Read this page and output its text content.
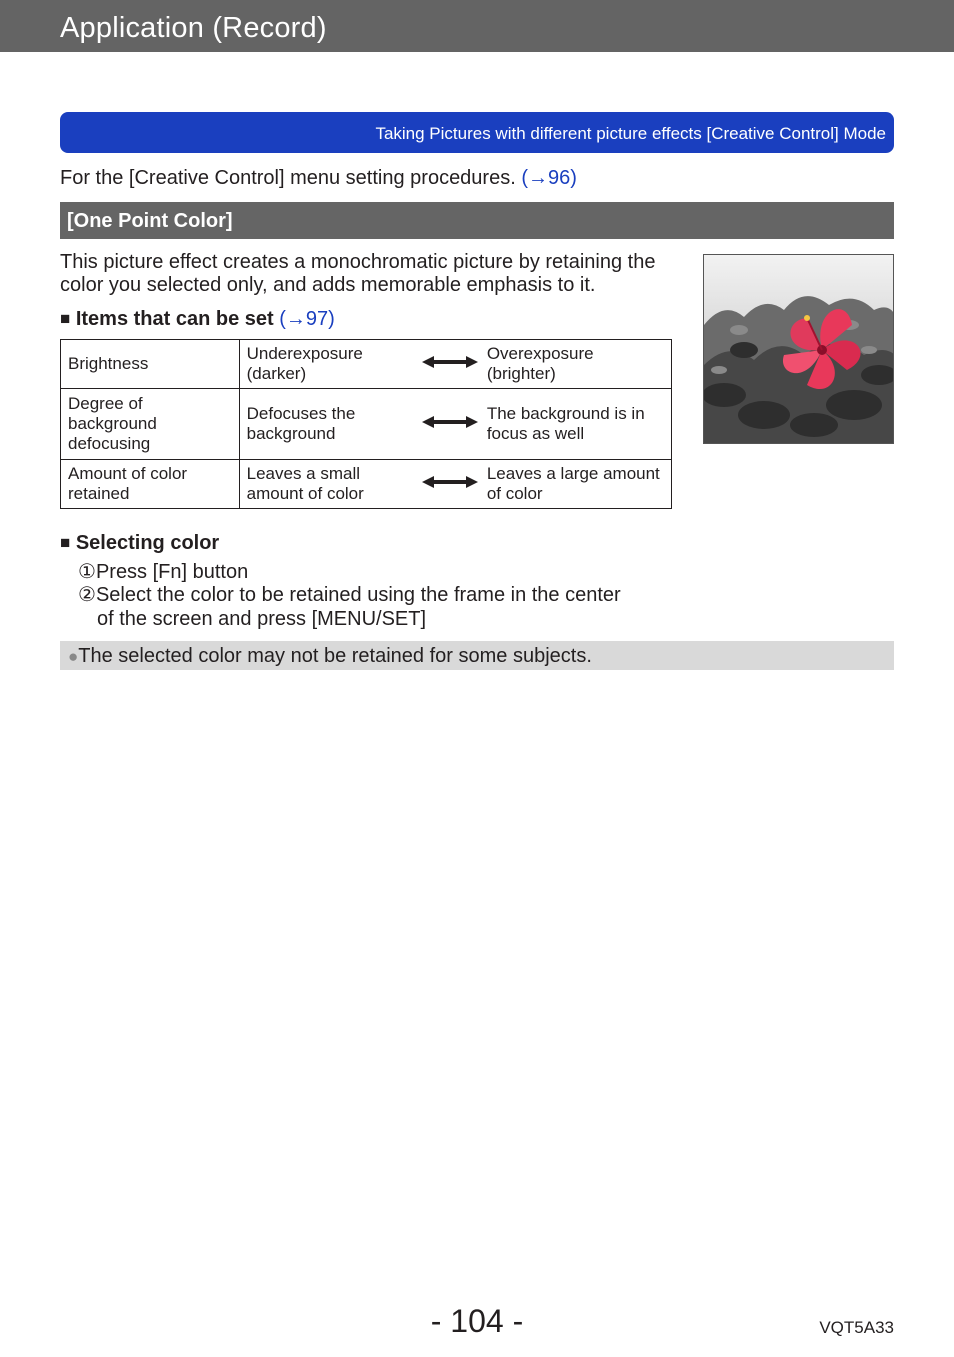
Application (Record)
Taking Pictures with different picture effects [Creative Control] Mode
For the [Creative Control] menu setting procedures. (→96)
[One Point Color]
This picture effect creates a monochromatic picture by retaining the color you selected only, and adds memorable emphasis to it.
■ Items that can be set (→97)
Brightness	Underexposure (darker)		Overexposure (brighter)
Degree of background defocusing	Defocuses the background		The background is in focus as well
Amount of color retained	Leaves a small amount of color		Leaves a large amount of color
■ Selecting color
①Press [Fn] button
②Select the color to be retained using the frame in the center
of the screen and press [MENU/SET]
●The selected color may not be retained for some subjects.
- 104 -	VQT5A33
